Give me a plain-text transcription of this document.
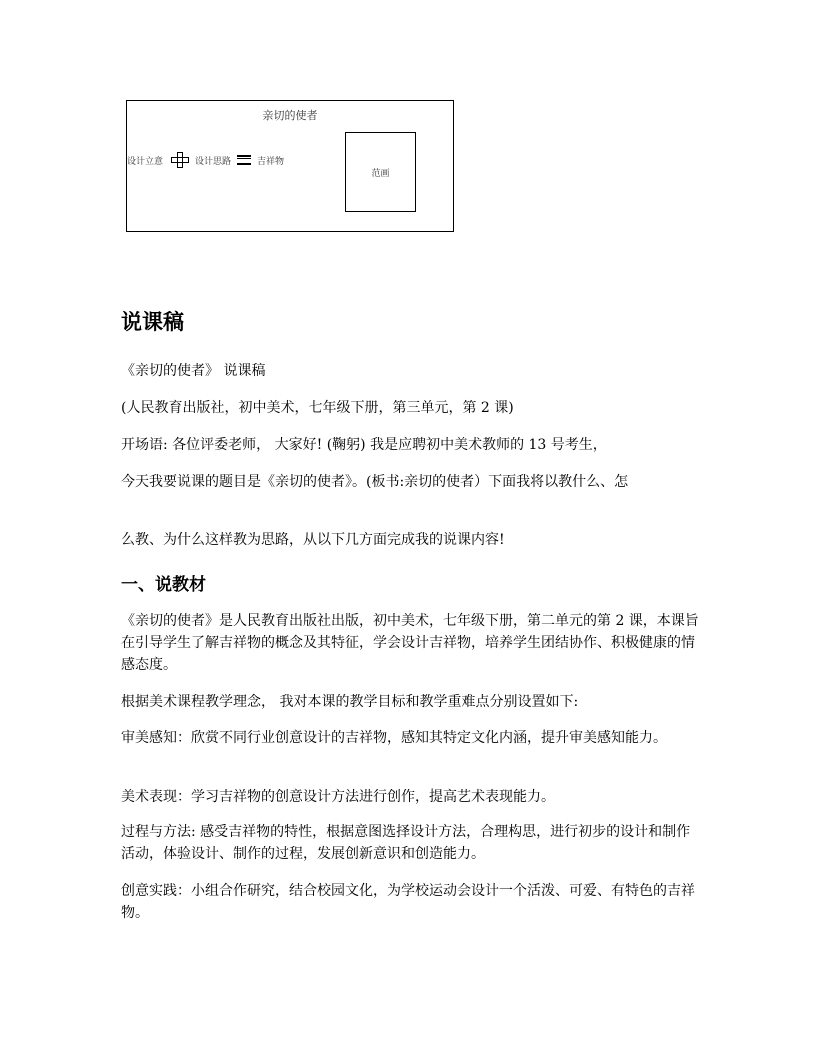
亲切的使者
设计立意	设计思路	吉祥物
范画
说课稿

《亲切的使者》 说课稿

(人民教育出版社，初中美术，七年级下册，第三单元，第 2 课)

开场语: 各位评委老师， 大家好! (鞠躬) 我是应聘初中美术教师的 13 号考生，

今天我要说课的题目是《亲切的使者》。(板书:亲切的使者）下面我将以教什么、怎

么教、为什么这样教为思路，从以下几方面完成我的说课内容!

一、说教材

《亲切的使者》是人民教育出版社出版，初中美术，七年级下册，第二单元的第 2 课，本课旨 在引导学生了解吉祥物的概念及其特征，学会设计吉祥物，培养学生团结协作、积极健康的情感态度。

根据美术课程教学理念， 我对本课的教学目标和教学重难点分别设置如下:

审美感知：欣赏不同行业创意设计的吉祥物，感知其特定文化内涵，提升审美感知能力。

美术表现：学习吉祥物的创意设计方法进行创作，提高艺术表现能力。

过程与方法: 感受吉祥物的特性，根据意图选择设计方法，合理构思，进行初步的设计和制作活动，体验设计、制作的过程，发展创新意识和创造能力。

创意实践：小组合作研究，结合校园文化，为学校运动会设计一个活泼、可爱、有特色的吉祥物。
